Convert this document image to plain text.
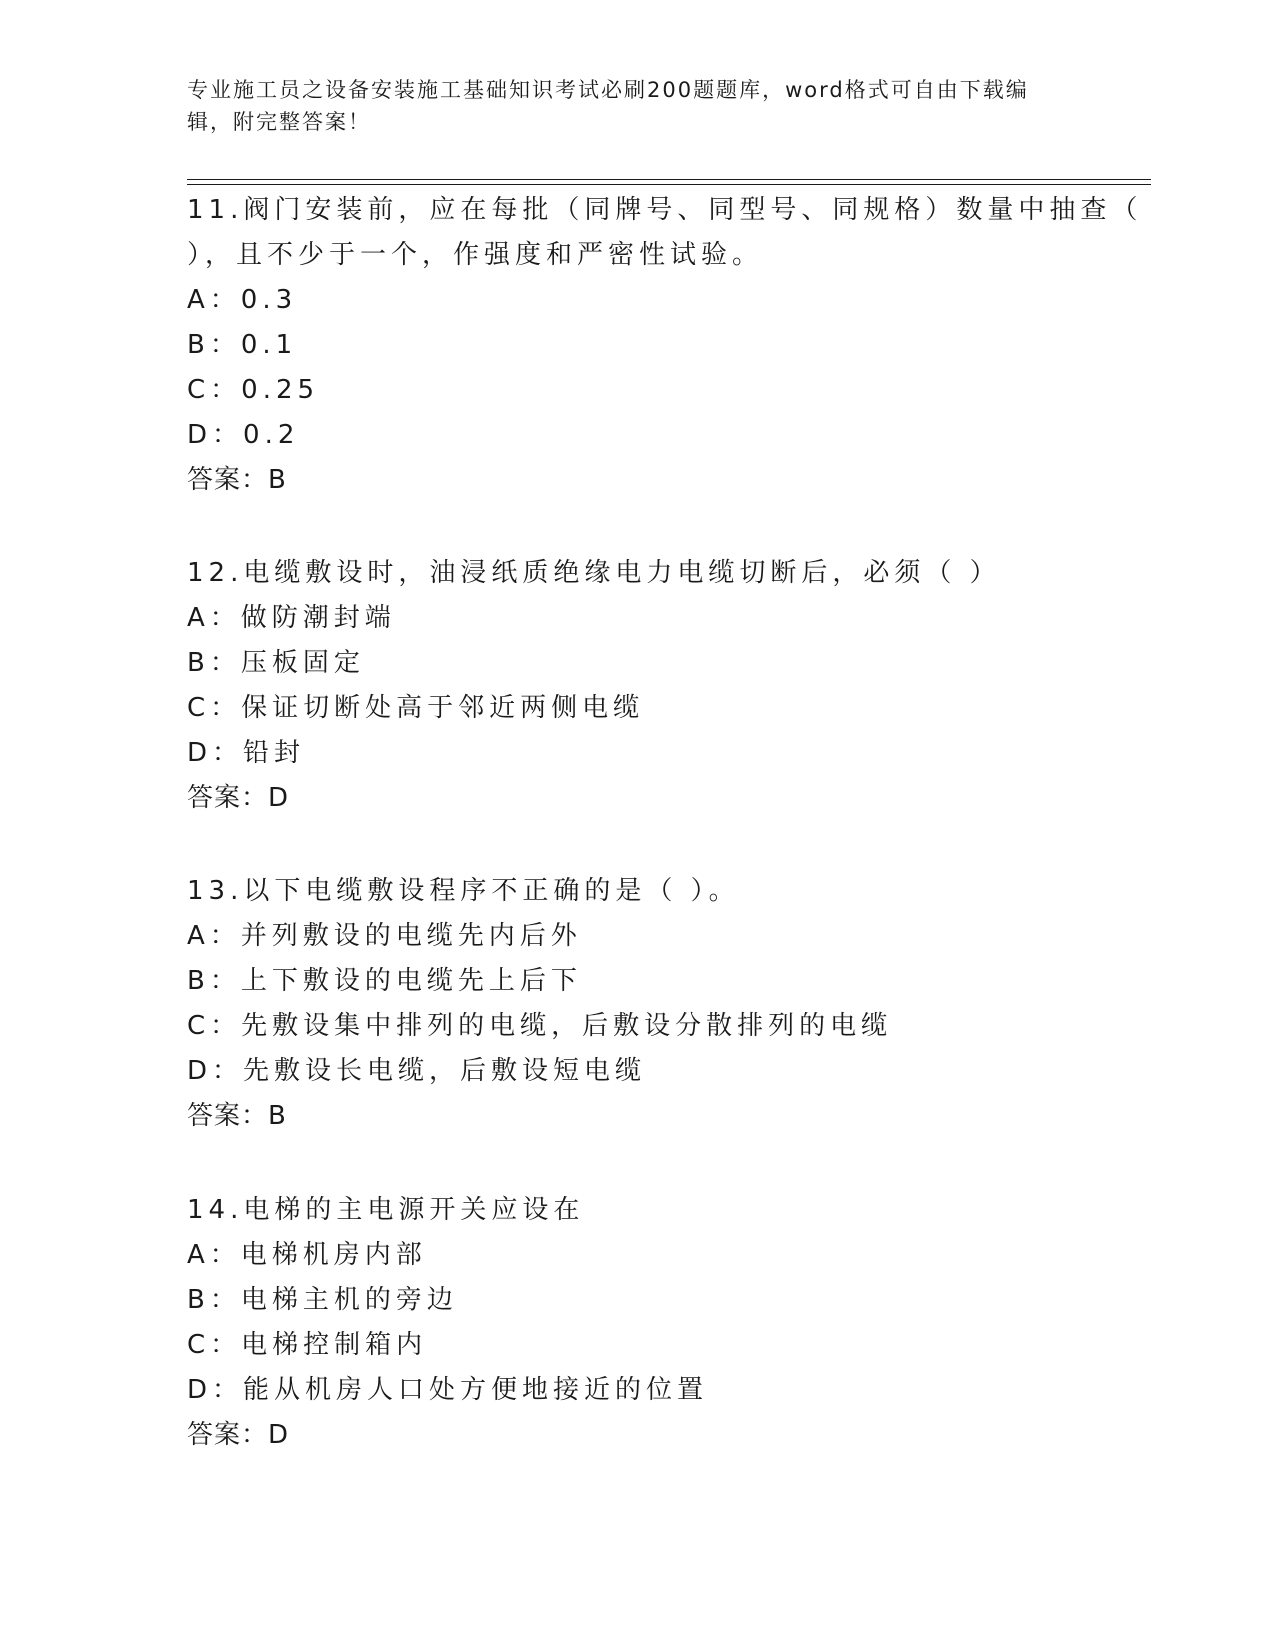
专业施工员之设备安装施工基础知识考试必刷200题题库，word格式可自由下载编辑，附完整答案！
11.阀门安装前，应在每批（同牌号、同型号、同规格）数量中抽查（
），且不少于一个，作强度和严密性试验。
A：0.3
B：0.1
C：0.25
D：0.2
答案：B
12.电缆敷设时，油浸纸质绝缘电力电缆切断后，必须（ ）
A：做防潮封端
B：压板固定
C：保证切断处高于邻近两侧电缆
D：铅封
答案：D
13.以下电缆敷设程序不正确的是（ ）。
A：并列敷设的电缆先内后外
B：上下敷设的电缆先上后下
C：先敷设集中排列的电缆，后敷设分散排列的电缆
D：先敷设长电缆，后敷设短电缆
答案：B
14.电梯的主电源开关应设在
A：电梯机房内部
B：电梯主机的旁边
C：电梯控制箱内
D：能从机房人口处方便地接近的位置
答案：D
